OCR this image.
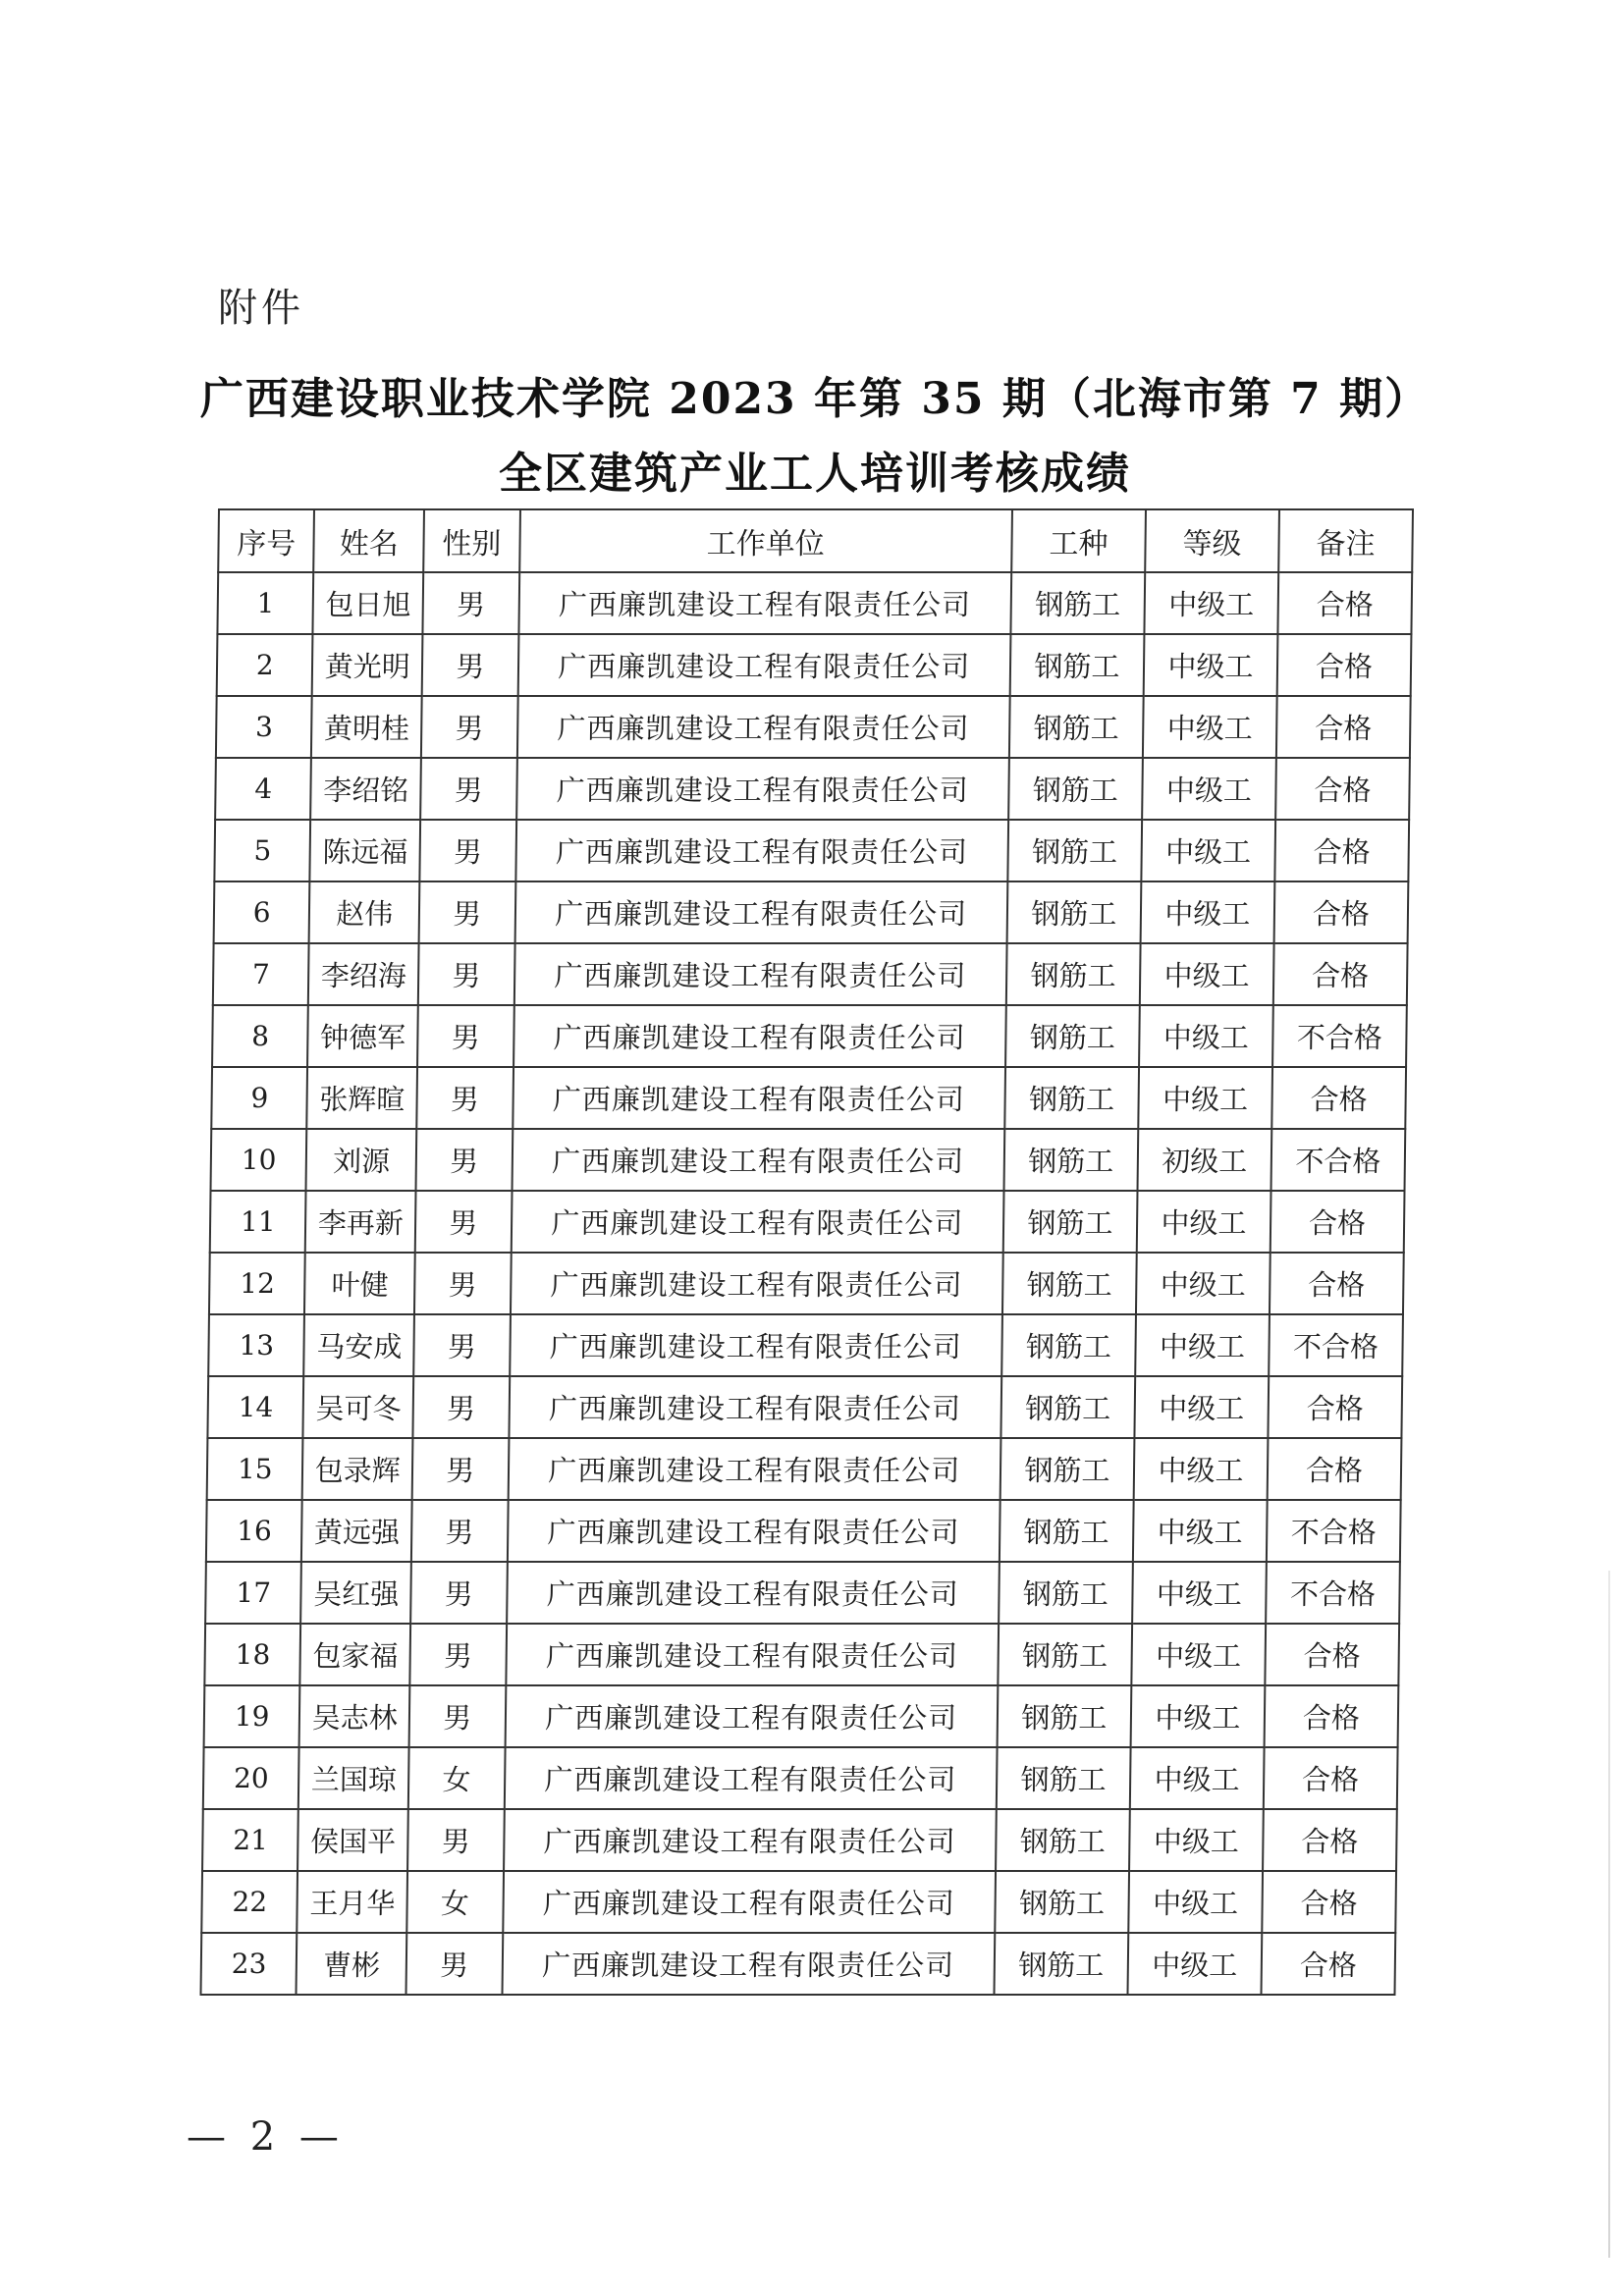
附件
广西建设职业技术学院 2023 年第 35 期（北海市第 7 期）
全区建筑产业工人培训考核成绩
序号	姓名	性别	工作单位	工种	等级	备注
1	包日旭	男	广西廉凯建设工程有限责任公司	钢筋工	中级工	合格
2	黄光明	男	广西廉凯建设工程有限责任公司	钢筋工	中级工	合格
3	黄明桂	男	广西廉凯建设工程有限责任公司	钢筋工	中级工	合格
4	李绍铭	男	广西廉凯建设工程有限责任公司	钢筋工	中级工	合格
5	陈远福	男	广西廉凯建设工程有限责任公司	钢筋工	中级工	合格
6	赵伟	男	广西廉凯建设工程有限责任公司	钢筋工	中级工	合格
7	李绍海	男	广西廉凯建设工程有限责任公司	钢筋工	中级工	合格
8	钟德军	男	广西廉凯建设工程有限责任公司	钢筋工	中级工	不合格
9	张辉暄	男	广西廉凯建设工程有限责任公司	钢筋工	中级工	合格
10	刘源	男	广西廉凯建设工程有限责任公司	钢筋工	初级工	不合格
11	李再新	男	广西廉凯建设工程有限责任公司	钢筋工	中级工	合格
12	叶健	男	广西廉凯建设工程有限责任公司	钢筋工	中级工	合格
13	马安成	男	广西廉凯建设工程有限责任公司	钢筋工	中级工	不合格
14	吴可冬	男	广西廉凯建设工程有限责任公司	钢筋工	中级工	合格
15	包录辉	男	广西廉凯建设工程有限责任公司	钢筋工	中级工	合格
16	黄远强	男	广西廉凯建设工程有限责任公司	钢筋工	中级工	不合格
17	吴红强	男	广西廉凯建设工程有限责任公司	钢筋工	中级工	不合格
18	包家福	男	广西廉凯建设工程有限责任公司	钢筋工	中级工	合格
19	吴志林	男	广西廉凯建设工程有限责任公司	钢筋工	中级工	合格
20	兰国琼	女	广西廉凯建设工程有限责任公司	钢筋工	中级工	合格
21	侯国平	男	广西廉凯建设工程有限责任公司	钢筋工	中级工	合格
22	王月华	女	广西廉凯建设工程有限责任公司	钢筋工	中级工	合格
23	曹彬	男	广西廉凯建设工程有限责任公司	钢筋工	中级工	合格
— 2 —
